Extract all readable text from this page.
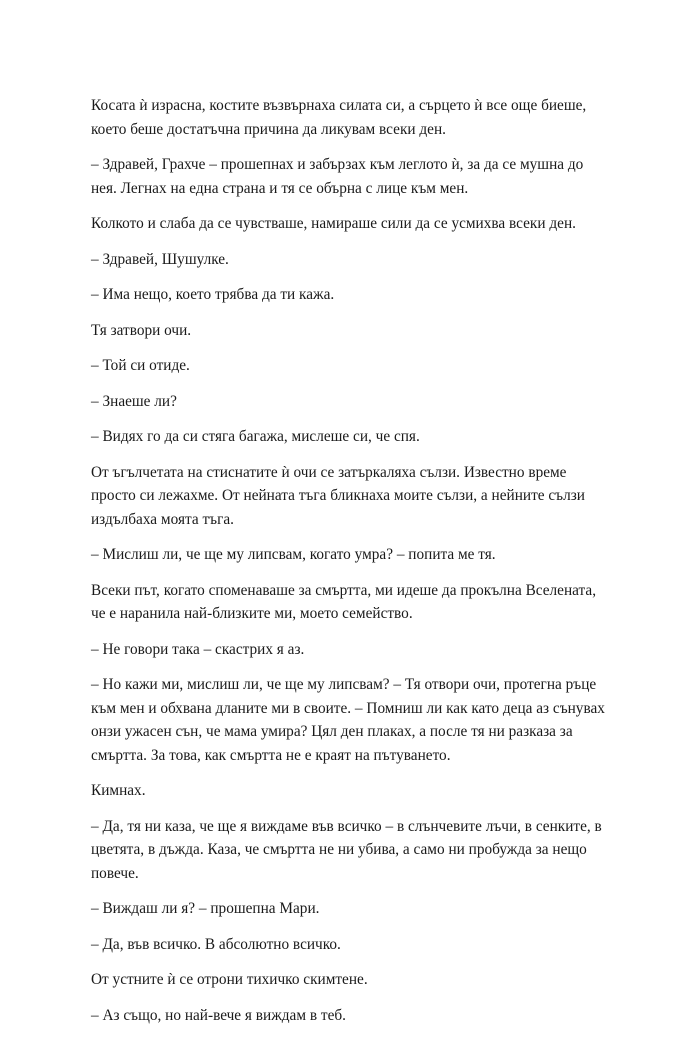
Косата ѝ израсна, костите възвърнаха силата си, а сърцето ѝ все още биеше,
което беше достатъчна причина да ликувам всеки ден.

– Здравей, Грахче – прошепнах и забързах към леглото ѝ, за да се мушна до
нея. Легнах на една страна и тя се обърна с лице към мен.

Колкото и слаба да се чувстваше, намираше сили да се усмихва всеки ден.

– Здравей, Шушулке.

– Има нещо, което трябва да ти кажа.

Тя затвори очи.

– Той си отиде.

– Знаеше ли?

– Видях го да си стяга багажа, мислеше си, че спя.

От ъгълчетата на стиснатите ѝ очи се затъркаляха сълзи. Известно време
просто си лежахме. От нейната тъга бликнаха моите сълзи, а нейните сълзи
издълбаха моята тъга.

– Мислиш ли, че ще му липсвам, когато умра? – попита ме тя.

Всеки път, когато споменаваше за смъртта, ми идеше да прокълна Вселената,
че е наранила най-близките ми, моето семейство.

– Не говори така – скастрих я аз.

– Но кажи ми, мислиш ли, че ще му липсвам? – Тя отвори очи, протегна ръце
към мен и обхвана дланите ми в своите. – Помниш ли как като деца аз сънувах
онзи ужасен сън, че мама умира? Цял ден плаках, а после тя ни разказа за
смъртта. За това, как смъртта не е краят на пътуването.

Кимнах.

– Да, тя ни каза, че ще я виждаме във всичко – в слънчевите лъчи, в сенките, в
цветята, в дъжда. Каза, че смъртта не ни убива, а само ни пробужда за нещо
повече.

– Виждаш ли я? – прошепна Мари.

– Да, във всичко. В абсолютно всичко.

От устните ѝ се отрони тихичко скимтене.

– Аз също, но най-вече я виждам в теб.
